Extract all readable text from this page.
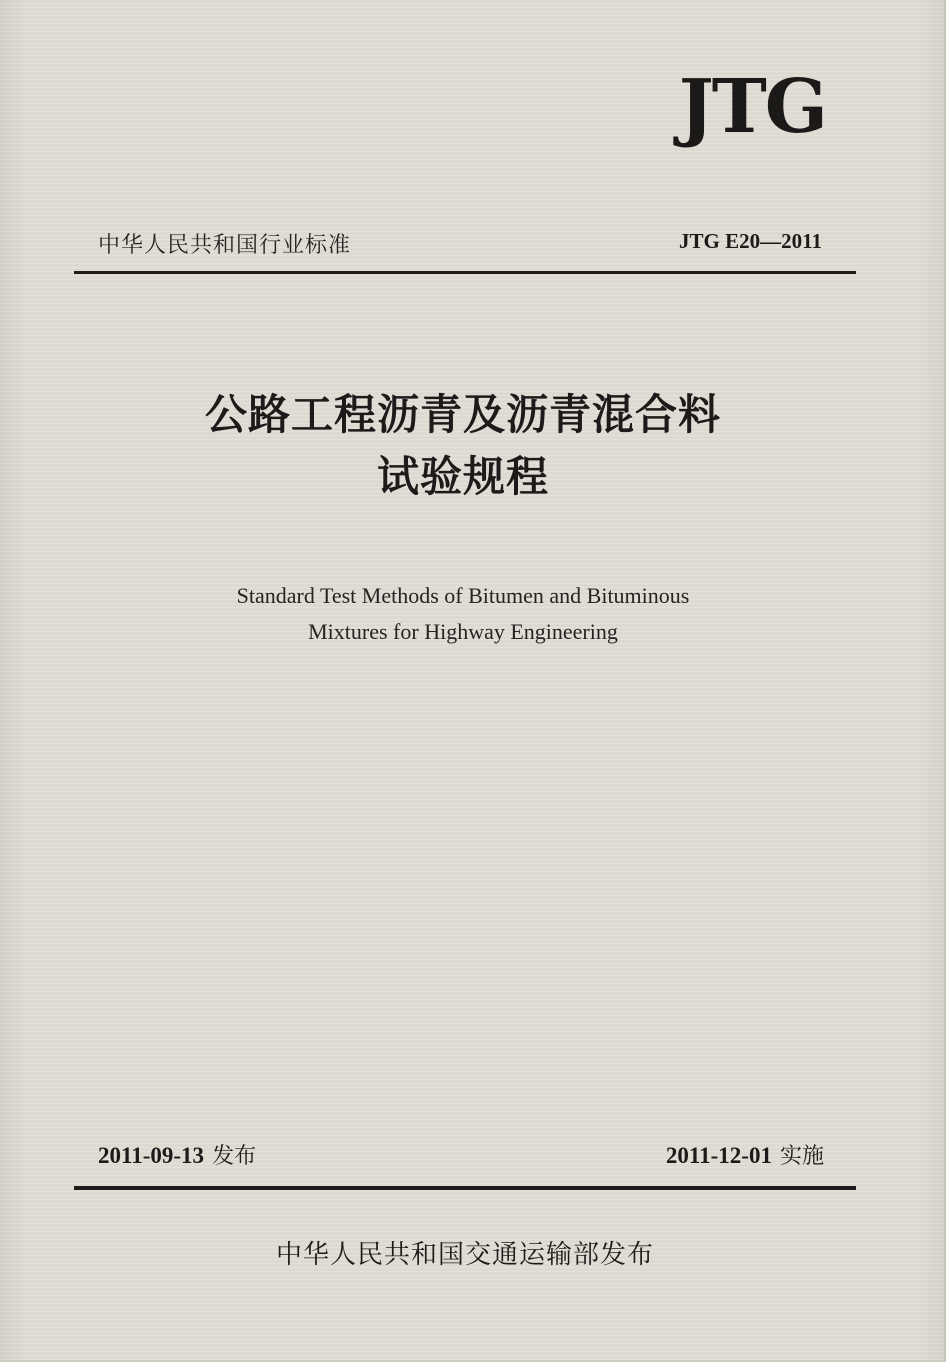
JTG
中华人民共和国行业标准	JTG E20—2011
公路工程沥青及沥青混合料
试验规程
Standard Test Methods of Bitumen and Bituminous
Mixtures for Highway Engineering
2011-09-13 发布	2011-12-01 实施
中华人民共和国交通运输部发布
